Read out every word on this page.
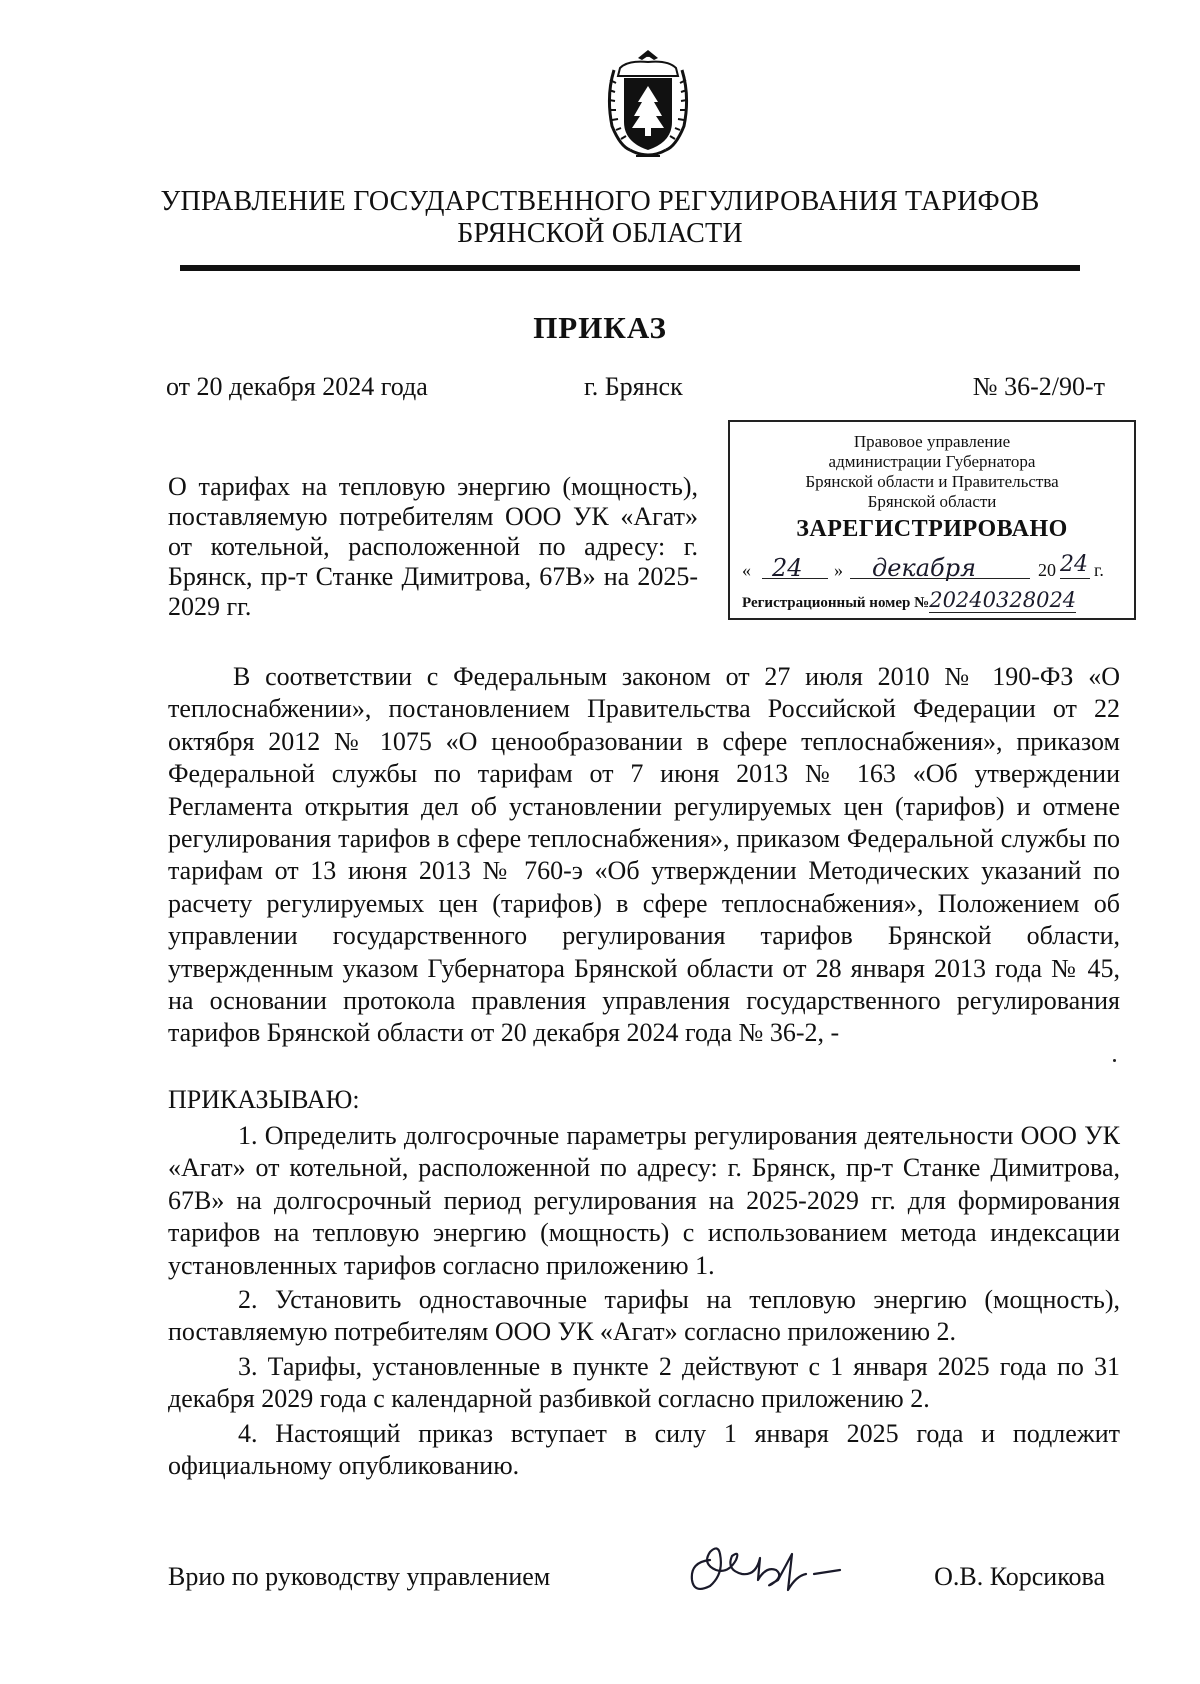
УПРАВЛЕНИЕ ГОСУДАРСТВЕННОГО РЕГУЛИРОВАНИЯ ТАРИФОВ
БРЯНСКОЙ ОБЛАСТИ
ПРИКАЗ
от 20 декабря 2024 года	г. Брянск	№ 36-2/90-т
О тарифах на тепловую энергию (мощность), поставляемую потребителям ООО УК «Агат» от котельной, расположенной по адресу: г. Брянск, пр-т Станке Димитрова, 67В» на 2025-2029 гг.
Правовое управление
администрации Губернатора
Брянской области и Правительства
Брянской области
ЗАРЕГИСТРИРОВАНО
« 24 » декабря	20 24 г.
Регистрационный номер №20240328024
В соответствии с Федеральным законом от 27 июля 2010 № 190-ФЗ «О теплоснабжении», постановлением Правительства Российской Федерации от 22 октября 2012 № 1075 «О ценообразовании в сфере теплоснабжения», приказом Федеральной службы по тарифам от 7 июня 2013 № 163 «Об утверждении Регламента открытия дел об установлении регулируемых цен (тарифов) и отмене регулирования тарифов в сфере теплоснабжения», приказом Федеральной службы по тарифам от 13 июня 2013 № 760-э «Об утверждении Методических указаний по расчету регулируемых цен (тарифов) в сфере теплоснабжения», Положением об управлении государственного регулирования тарифов Брянской области, утвержденным указом Губернатора Брянской области от 28 января 2013 года № 45, на основании протокола правления управления государственного регулирования тарифов Брянской области от 20 декабря 2024 года № 36-2, -
ПРИКАЗЫВАЮ:

1. Определить долгосрочные параметры регулирования деятельности ООО УК «Агат» от котельной, расположенной по адресу: г. Брянск, пр-т Станке Димитрова, 67В» на долгосрочный период регулирования на 2025-2029 гг. для формирования тарифов на тепловую энергию (мощность) с использованием метода индексации установленных тарифов согласно приложению 1.

2. Установить одноставочные тарифы на тепловую энергию (мощность), поставляемую потребителям ООО УК «Агат» согласно приложению 2.

3. Тарифы, установленные в пункте 2 действуют с 1 января 2025 года по 31 декабря 2029 года с календарной разбивкой согласно приложению 2.

4. Настоящий приказ вступает в силу 1 января 2025 года и подлежит официальному опубликованию.

Врио по руководству управлением	О.В. Корсикова
